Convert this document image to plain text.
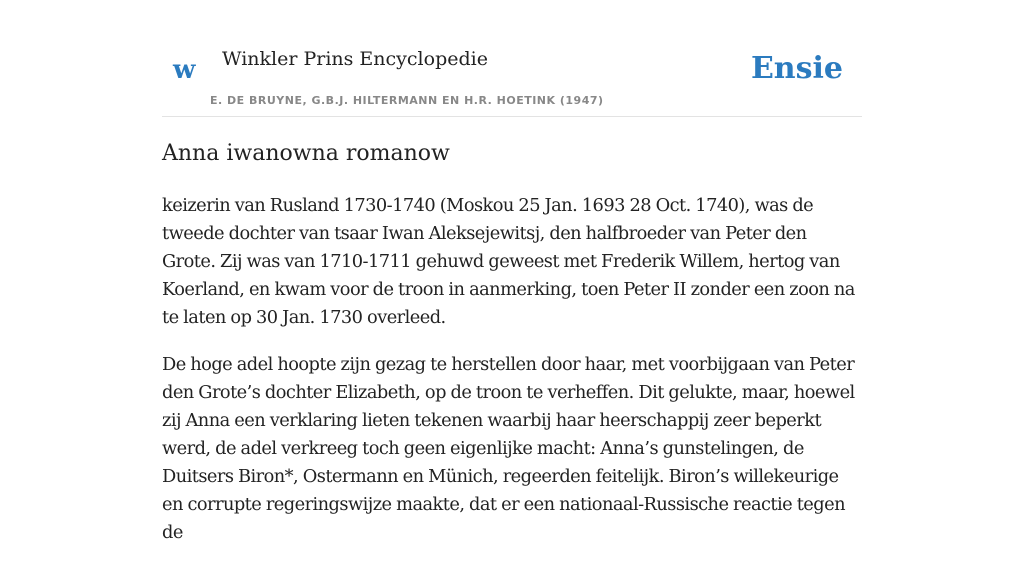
w Winkler Prins Encyclopedie
E. DE BRUYNE, G.B.J. HILTERMANN EN H.R. HOETINK (1947)
Ensie
Anna iwanowna romanow

keizerin van Rusland 1730-1740 (Moskou 25 Jan. 1693 28 Oct. 1740), was de tweede dochter van tsaar Iwan Aleksejewitsj, den halfbroeder van Peter den Grote. Zij was van 1710-1711 gehuwd geweest met Frederik Willem, hertog van Koerland, en kwam voor de troon in aanmerking, toen Peter II zonder een zoon na te laten op 30 Jan. 1730 overleed.

De hoge adel hoopte zijn gezag te herstellen door haar, met voorbijgaan van Peter den Grote’s dochter Elizabeth, op de troon te verheffen. Dit gelukte, maar, hoewel zij Anna een verklaring lieten tekenen waarbij haar heerschappij zeer beperkt werd, de adel verkreeg toch geen eigenlijke macht: Anna’s gunstelingen, de Duitsers Biron*, Ostermann en Münich, regeerden feitelijk. Biron’s willekeurige en corrupte regeringswijze maakte, dat er een nationaal-Russische reactie tegen de
